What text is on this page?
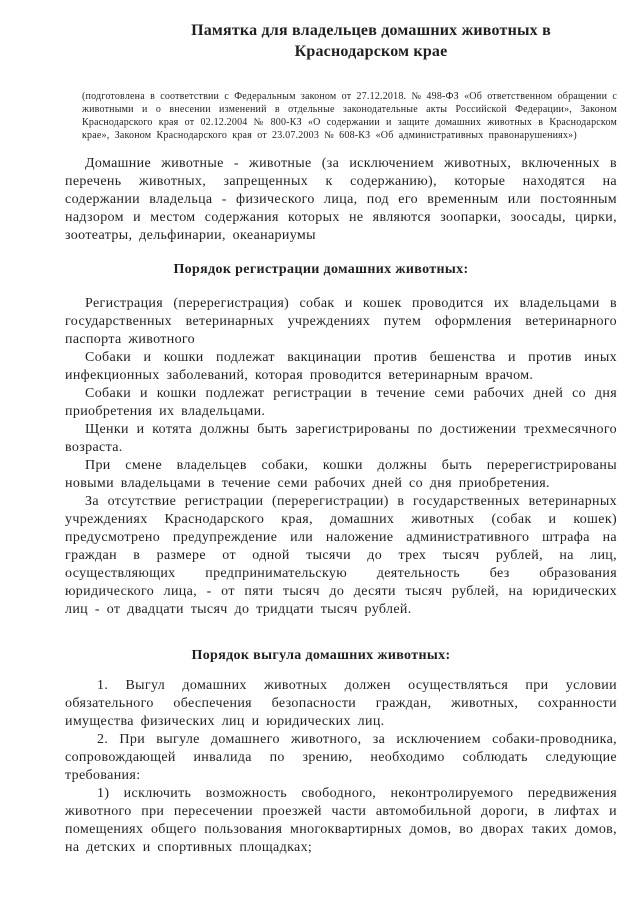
Памятка для владельцев домашних животных в
Краснодарском крае

(подготовлена в соответствии с Федеральным законом от 27.12.2018. № 498-ФЗ «Об ответственном обращении с животными и о внесении изменений в отдельные законодательные акты Российской Федерации», Законом Краснодарского края от 02.12.2004 № 800-КЗ «О содержании и защите домашних животных в Краснодарском крае», Законом Краснодарского края от 23.07.2003 № 608-КЗ «Об административных правонарушениях»)

Домашние животные - животные (за исключением животных, включенных в перечень животных, запрещенных к содержанию), которые находятся на содержании владельца - физического лица, под его временным или постоянным надзором и местом содержания которых не являются зоопарки, зоосады, цирки, зоотеатры, дельфинарии, океанариумы

Порядок регистрации домашних животных:

Регистрация (перерегистрация) собак и кошек проводится их владельцами в государственных ветеринарных учреждениях путем оформления ветеринарного паспорта животного

Собаки и кошки подлежат вакцинации против бешенства и против иных инфекционных заболеваний, которая проводится ветеринарным врачом.

Собаки и кошки подлежат регистрации в течение семи рабочих дней со дня приобретения их владельцами.

Щенки и котята должны быть зарегистрированы по достижении трехмесячного возраста.

При смене владельцев собаки, кошки должны быть перерегистрированы новыми владельцами в течение семи рабочих дней со дня приобретения.

За отсутствие регистрации (перерегистрации) в государственных ветеринарных учреждениях Краснодарского края, домашних животных (собак и кошек) предусмотрено предупреждение или наложение административного штрафа на граждан в размере от одной тысячи до трех тысяч рублей, на лиц, осуществляющих предпринимательскую деятельность без образования юридического лица, - от пяти тысяч до десяти тысяч рублей, на юридических лиц - от двадцати тысяч до тридцати тысяч рублей.

Порядок выгула домашних животных:

1. Выгул домашних животных должен осуществляться при условии обязательного обеспечения безопасности граждан, животных, сохранности имущества физических лиц и юридических лиц.

2. При выгуле домашнего животного, за исключением собаки-проводника, сопровождающей инвалида по зрению, необходимо соблюдать следующие требования:

1) исключить возможность свободного, неконтролируемого передвижения животного при пересечении проезжей части автомобильной дороги, в лифтах и помещениях общего пользования многоквартирных домов, во дворах таких домов, на детских и спортивных площадках;
